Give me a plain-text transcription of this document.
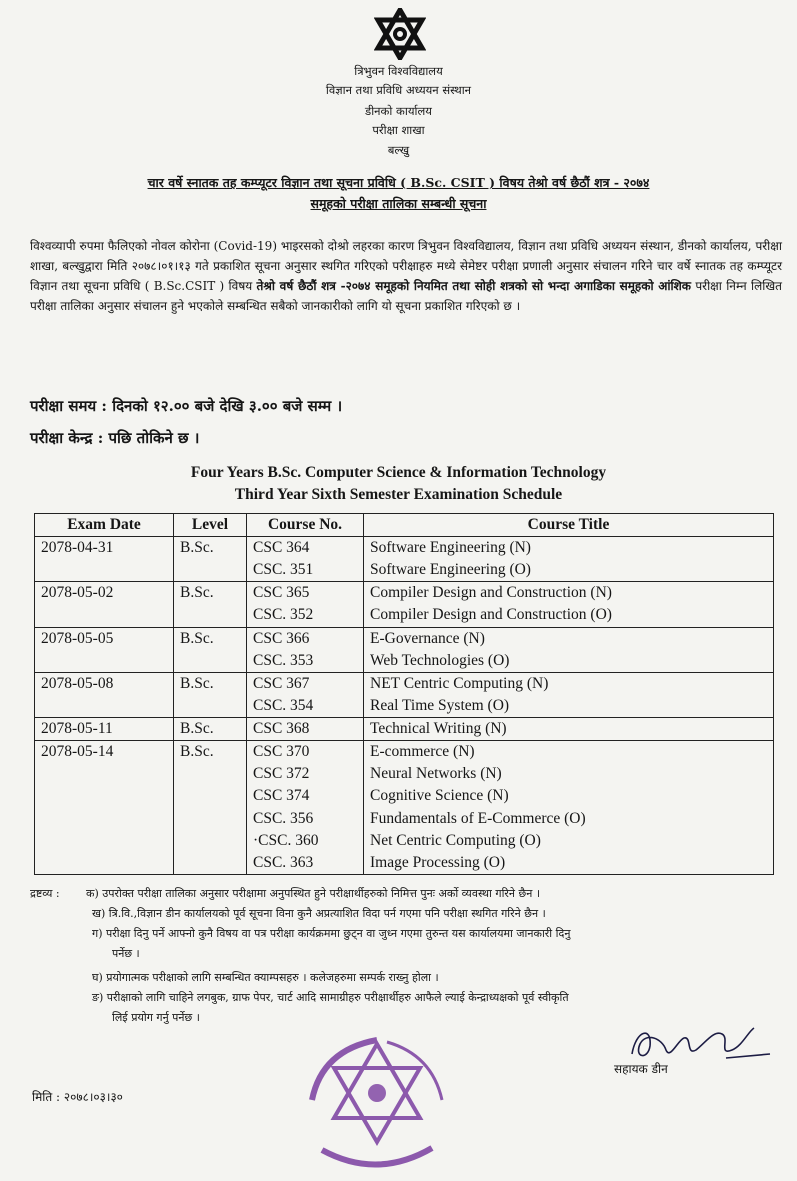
त्रिभुवन विश्वविद्यालय
विज्ञान तथा प्रविधि अध्ययन संस्थान
डीनको कार्यालय
परीक्षा शाखा
बल्खु
चार वर्षे स्नातक तह कम्प्यूटर विज्ञान तथा सूचना प्रविधि ( B.Sc. CSIT ) विषय तेश्रो वर्ष छैठौं शत्र - २०७४
समूहको परीक्षा तालिका सम्बन्धी सूचना
विश्वव्यापी रुपमा फैलिएको नोवल कोरोना (Covid-19) भाइरसको दोश्रो लहरका कारण त्रिभुवन विश्वविद्यालय, विज्ञान तथा प्रविधि अध्ययन संस्थान, डीनको कार्यालय, परीक्षा शाखा, बल्खुद्वारा मिति २०७८।०१।१३ गते प्रकाशित सूचना अनुसार स्थगित गरिएको परीक्षाहरु मध्ये सेमेष्टर परीक्षा प्रणाली अनुसार संचालन गरिने चार वर्षे स्नातक तह कम्प्यूटर विज्ञान तथा सूचना प्रविधि ( B.Sc.CSIT ) विषय तेश्रो वर्ष छैठौं शत्र -२०७४ समूहको नियमित तथा सोही शत्रको सो भन्दा अगाडिका समूहको आंशिक परीक्षा निम्न लिखित परीक्षा तालिका अनुसार संचालन हुने भएकोले सम्बन्धित सबैको जानकारीको लागि यो सूचना प्रकाशित गरिएको छ ।
परीक्षा समय : दिनको १२.०० बजे देखि ३.०० बजे सम्म ।
परीक्षा केन्द्र : पछि तोकिने छ ।
Four Years B.Sc. Computer Science & Information Technology
Third Year Sixth Semester Examination Schedule
Exam Date	Level	Course No.	Course Title
2078-04-31	B.Sc.	CSC 364	Software Engineering (N)
		CSC. 351	Software Engineering (O)
2078-05-02	B.Sc.	CSC 365	Compiler Design and Construction (N)
		CSC. 352	Compiler Design and Construction (O)
2078-05-05	B.Sc.	CSC 366	E-Governance (N)
		CSC. 353	Web Technologies (O)
2078-05-08	B.Sc.	CSC 367	NET Centric Computing (N)
		CSC. 354	Real Time System (O)
2078-05-11	B.Sc.	CSC 368	Technical Writing (N)
2078-05-14	B.Sc.	CSC 370	E-commerce (N)
		CSC 372	Neural Networks (N)
		CSC 374	Cognitive Science (N)
		CSC. 356	Fundamentals of E-Commerce (O)
		·CSC. 360	Net Centric Computing (O)
		CSC. 363	Image Processing (O)
द्रष्टव्य : क) उपरोक्त परीक्षा तालिका अनुसार परीक्षामा अनुपस्थित हुने परीक्षार्थीहरुको निमित्त पुनः अर्को व्यवस्था गरिने छैन ।
ख) त्रि.वि.,विज्ञान डीन कार्यालयको पूर्व सूचना विना कुनै अप्रत्याशित विदा पर्न गएमा पनि परीक्षा स्थगित गरिने छैन ।
ग) परीक्षा दिनु पर्ने आफ्नो कुनै विषय वा पत्र परीक्षा कार्यक्रममा छुट्न वा जुध्न गएमा तुरुन्त यस कार्यालयमा जानकारी दिनु
पर्नेछ ।
घ) प्रयोगात्मक परीक्षाको लागि सम्बन्धित क्याम्पसहरु । कलेजहरुमा सम्पर्क राख्नु होला ।
ङ) परीक्षाको लागि चाहिने लगबुक, ग्राफ पेपर, चार्ट आदि सामाग्रीहरु परीक्षार्थीहरु आफैले ल्याई केन्द्राध्यक्षको पूर्व स्वीकृति
लिई प्रयोग गर्नु पर्नेछ ।
मिति : २०७८।०३।३०
सहायक डीन
